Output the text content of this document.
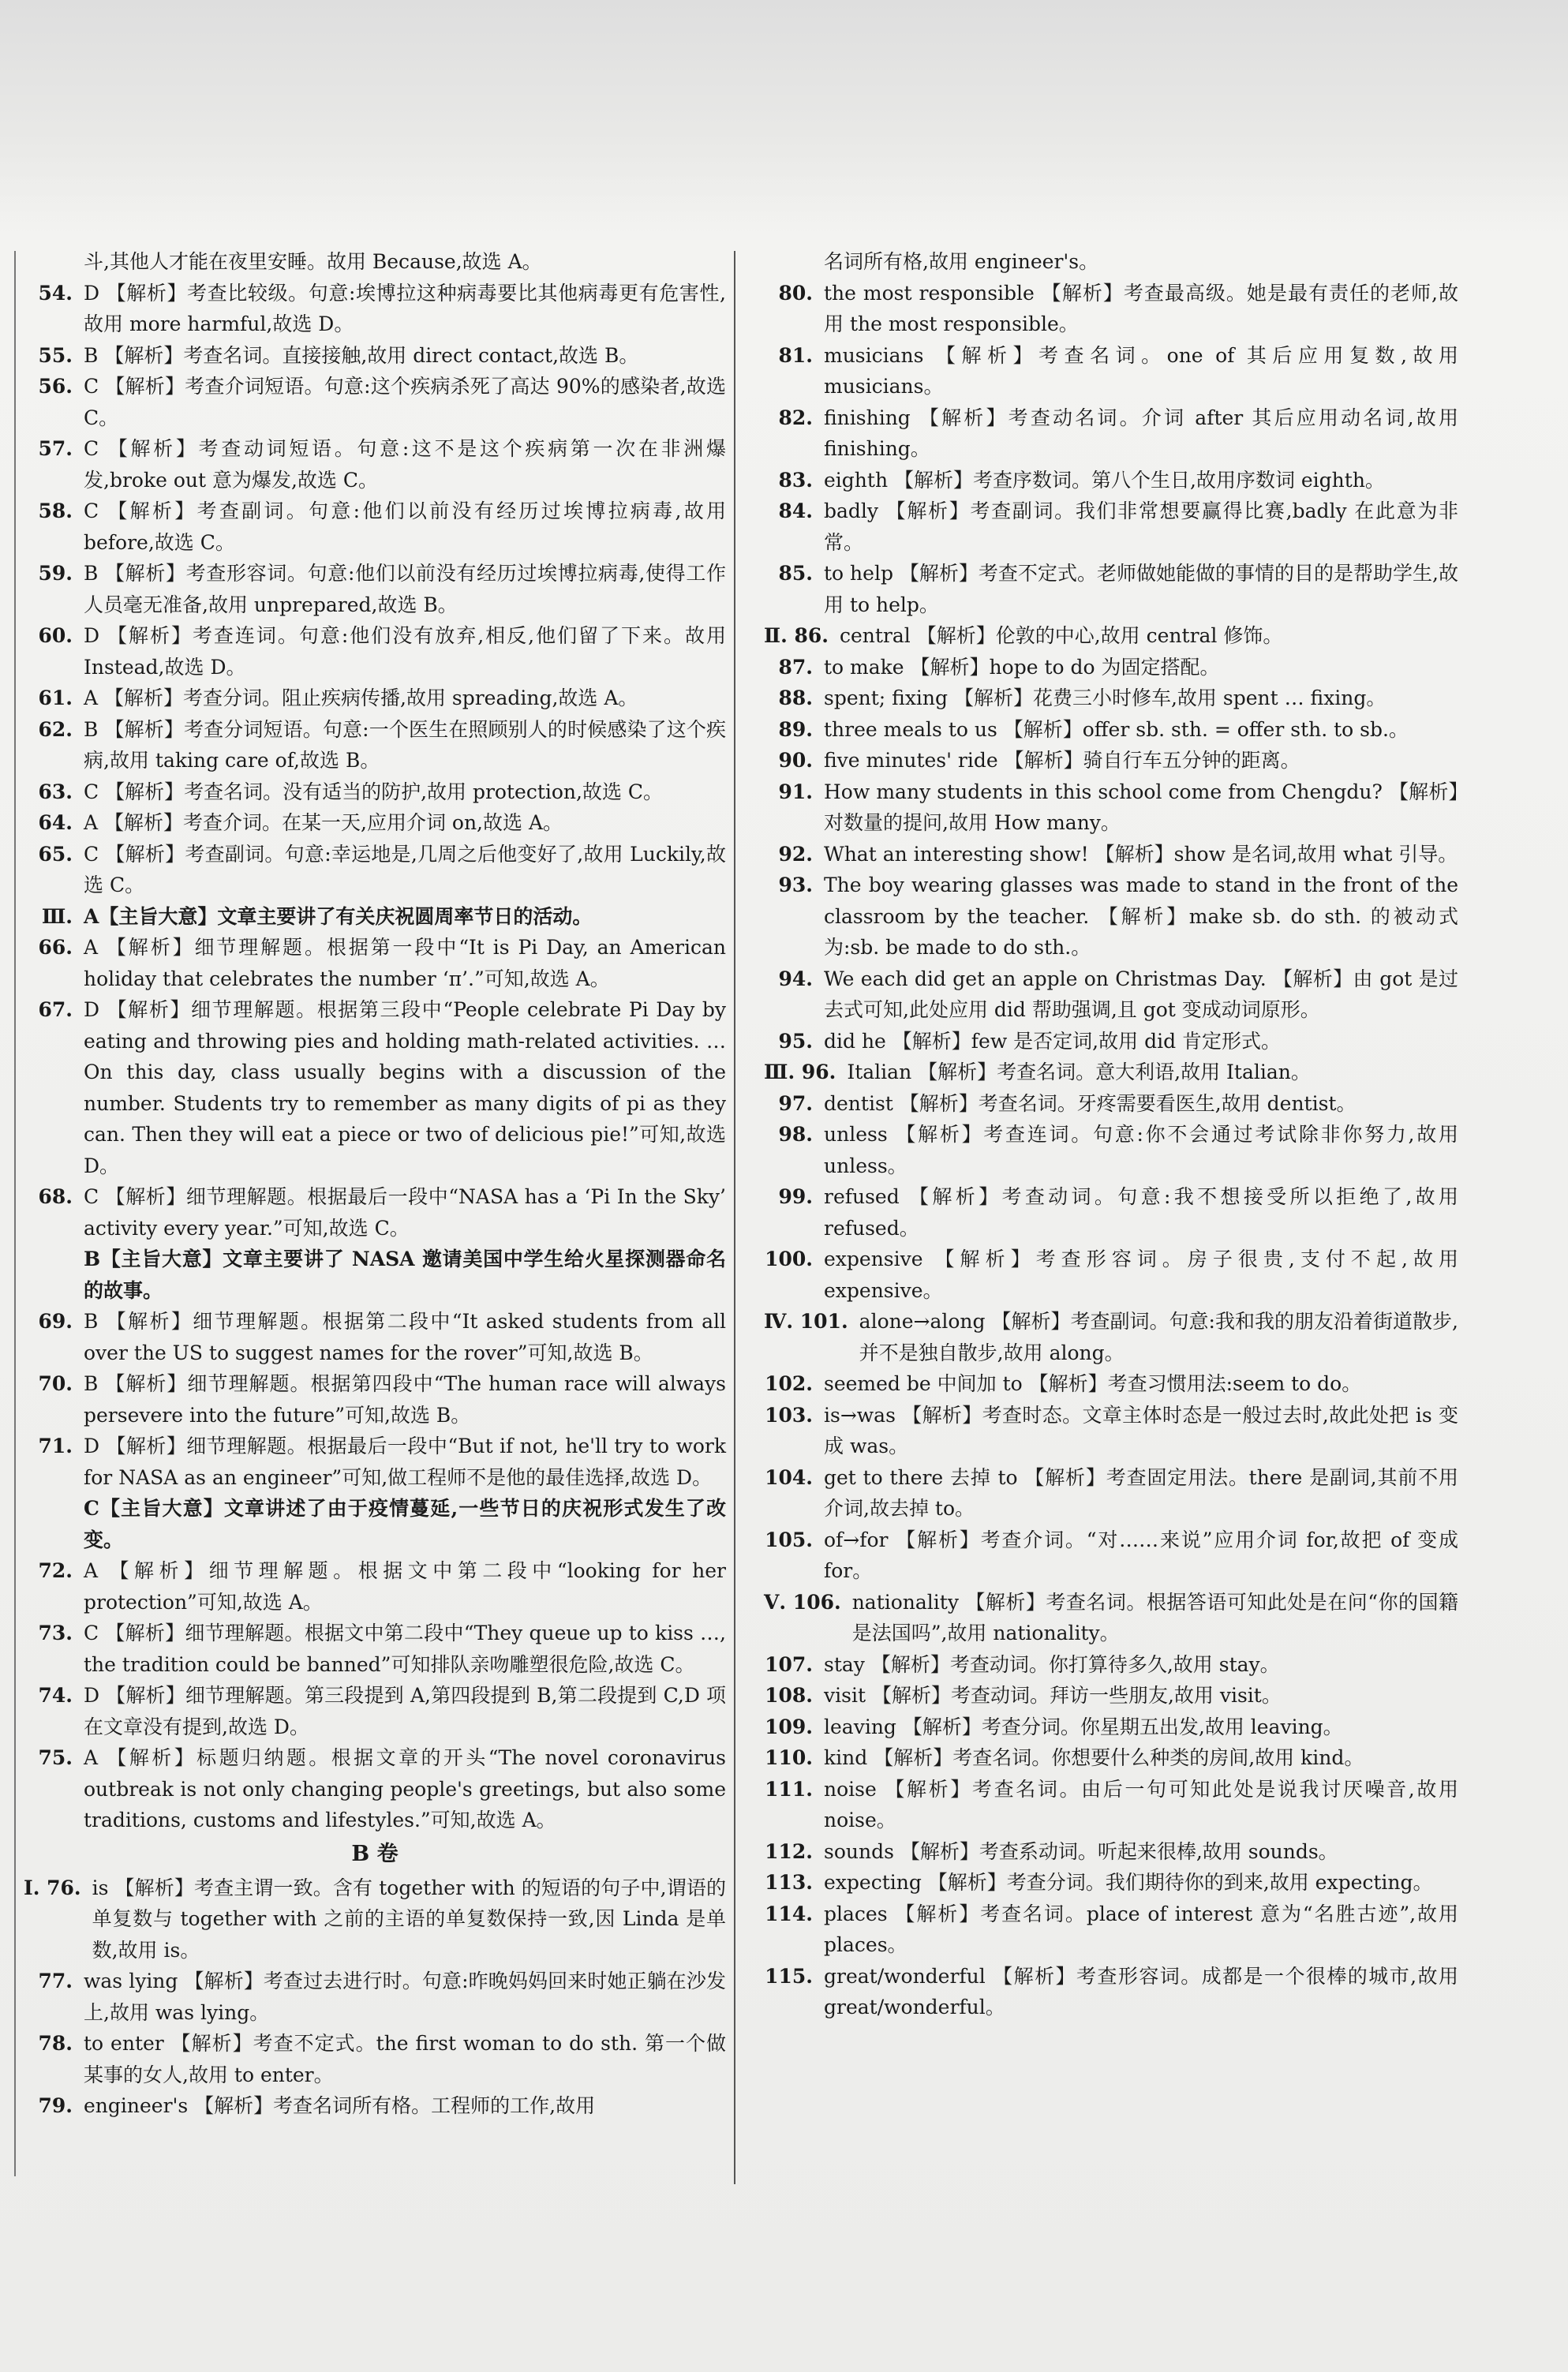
斗,其他人才能在夜里安睡。故用 Because,故选 A。
54. D 【解析】考查比较级。句意:埃博拉这种病毒要比其他病毒更有危害性,故用 more harmful,故选 D。
55. B 【解析】考查名词。直接接触,故用 direct contact,故选 B。
56. C 【解析】考查介词短语。句意:这个疾病杀死了高达 90%的感染者,故选 C。
57. C 【解析】考查动词短语。句意:这不是这个疾病第一次在非洲爆发,broke out 意为爆发,故选 C。
58. C 【解析】考查副词。句意:他们以前没有经历过埃博拉病毒,故用 before,故选 C。
59. B 【解析】考查形容词。句意:他们以前没有经历过埃博拉病毒,使得工作人员毫无准备,故用 unprepared,故选 B。
60. D 【解析】考查连词。句意:他们没有放弃,相反,他们留了下来。故用 Instead,故选 D。
61. A 【解析】考查分词。阻止疾病传播,故用 spreading,故选 A。
62. B 【解析】考查分词短语。句意:一个医生在照顾别人的时候感染了这个疾病,故用 taking care of,故选 B。
63. C 【解析】考查名词。没有适当的防护,故用 protection,故选 C。
64. A 【解析】考查介词。在某一天,应用介词 on,故选 A。
65. C 【解析】考查副词。句意:幸运地是,几周之后他变好了,故用 Luckily,故选 C。
Ⅲ. A【主旨大意】文章主要讲了有关庆祝圆周率节日的活动。
66. A 【解析】细节理解题。根据第一段中“It is Pi Day, an American holiday that celebrates the number ‘π’.”可知,故选 A。
67. D 【解析】细节理解题。根据第三段中“People celebrate Pi Day by eating and throwing pies and holding math-related activities. … On this day, class usually begins with a discussion of the number. Students try to remember as many digits of pi as they can. Then they will eat a piece or two of delicious pie!”可知,故选 D。
68. C 【解析】细节理解题。根据最后一段中“NASA has a ‘Pi In the Sky’ activity every year.”可知,故选 C。
B【主旨大意】文章主要讲了 NASA 邀请美国中学生给火星探测器命名的故事。
69. B 【解析】细节理解题。根据第二段中“It asked students from all over the US to suggest names for the rover”可知,故选 B。
70. B 【解析】细节理解题。根据第四段中“The human race will always persevere into the future”可知,故选 B。
71. D 【解析】细节理解题。根据最后一段中“But if not, he'll try to work for NASA as an engineer”可知,做工程师不是他的最佳选择,故选 D。
C【主旨大意】文章讲述了由于疫情蔓延,一些节日的庆祝形式发生了改变。
72. A 【解析】细节理解题。根据文中第二段中“looking for her protection”可知,故选 A。
73. C 【解析】细节理解题。根据文中第二段中“They queue up to kiss …, the tradition could be banned”可知排队亲吻雕塑很危险,故选 C。
74. D 【解析】细节理解题。第三段提到 A,第四段提到 B,第二段提到 C,D 项在文章没有提到,故选 D。
75. A 【解析】标题归纳题。根据文章的开头“The novel coronavirus outbreak is not only changing people's greetings, but also some traditions, customs and lifestyles.”可知,故选 A。
B 卷
Ⅰ. 76. is 【解析】考查主谓一致。含有 together with 的短语的句子中,谓语的单复数与 together with 之前的主语的单复数保持一致,因 Linda 是单数,故用 is。
77. was lying 【解析】考查过去进行时。句意:昨晚妈妈回来时她正躺在沙发上,故用 was lying。
78. to enter 【解析】考查不定式。the first woman to do sth. 第一个做某事的女人,故用 to enter。
79. engineer's 【解析】考查名词所有格。工程师的工作,故用
名词所有格,故用 engineer's。
80. the most responsible 【解析】考查最高级。她是最有责任的老师,故用 the most responsible。
81. musicians 【解析】考查名词。one of 其后应用复数,故用 musicians。
82. finishing 【解析】考查动名词。介词 after 其后应用动名词,故用 finishing。
83. eighth 【解析】考查序数词。第八个生日,故用序数词 eighth。
84. badly 【解析】考查副词。我们非常想要赢得比赛,badly 在此意为非常。
85. to help 【解析】考查不定式。老师做她能做的事情的目的是帮助学生,故用 to help。
Ⅱ. 86. central 【解析】伦敦的中心,故用 central 修饰。
87. to make 【解析】hope to do 为固定搭配。
88. spent; fixing 【解析】花费三小时修车,故用 spent … fixing。
89. three meals to us 【解析】offer sb. sth. = offer sth. to sb.。
90. five minutes' ride 【解析】骑自行车五分钟的距离。
91. How many students in this school come from Chengdu? 【解析】对数量的提问,故用 How many。
92. What an interesting show! 【解析】show 是名词,故用 what 引导。
93. The boy wearing glasses was made to stand in the front of the classroom by the teacher. 【解析】make sb. do sth. 的被动式为:sb. be made to do sth.。
94. We each did get an apple on Christmas Day. 【解析】由 got 是过去式可知,此处应用 did 帮助强调,且 got 变成动词原形。
95. did he 【解析】few 是否定词,故用 did 肯定形式。
Ⅲ. 96. Italian 【解析】考查名词。意大利语,故用 Italian。
97. dentist 【解析】考查名词。牙疼需要看医生,故用 dentist。
98. unless 【解析】考查连词。句意:你不会通过考试除非你努力,故用 unless。
99. refused 【解析】考查动词。句意:我不想接受所以拒绝了,故用 refused。
100. expensive 【解析】考查形容词。房子很贵,支付不起,故用 expensive。
Ⅳ. 101. alone→along 【解析】考查副词。句意:我和我的朋友沿着街道散步,并不是独自散步,故用 along。
102. seemed be 中间加 to 【解析】考查习惯用法:seem to do。
103. is→was 【解析】考查时态。文章主体时态是一般过去时,故此处把 is 变成 was。
104. get to there 去掉 to 【解析】考查固定用法。there 是副词,其前不用介词,故去掉 to。
105. of→for 【解析】考查介词。“对……来说”应用介词 for,故把 of 变成 for。
Ⅴ. 106. nationality 【解析】考查名词。根据答语可知此处是在问“你的国籍是法国吗”,故用 nationality。
107. stay 【解析】考查动词。你打算待多久,故用 stay。
108. visit 【解析】考查动词。拜访一些朋友,故用 visit。
109. leaving 【解析】考查分词。你星期五出发,故用 leaving。
110. kind 【解析】考查名词。你想要什么种类的房间,故用 kind。
111. noise 【解析】考查名词。由后一句可知此处是说我讨厌噪音,故用 noise。
112. sounds 【解析】考查系动词。听起来很棒,故用 sounds。
113. expecting 【解析】考查分词。我们期待你的到来,故用 expecting。
114. places 【解析】考查名词。place of interest 意为“名胜古迹”,故用 places。
115. great/wonderful 【解析】考查形容词。成都是一个很棒的城市,故用 great/wonderful。
